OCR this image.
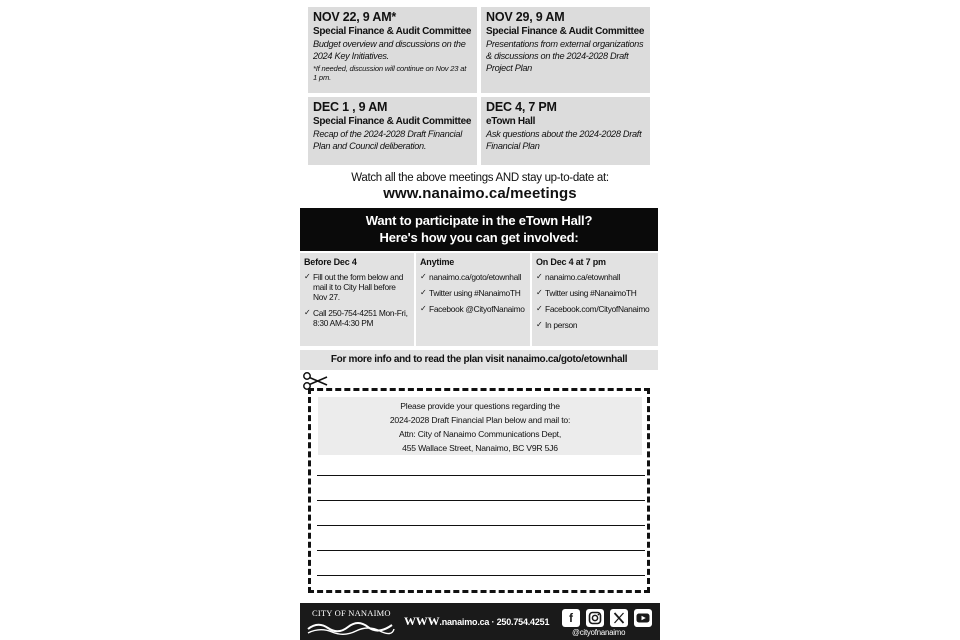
NOV 22, 9 AM*
Special Finance & Audit Committee
Budget overview and discussions on the 2024 Key Initiatives.
*If needed, discussion will continue on Nov 23 at 1 pm.
NOV 29, 9 AM
Special Finance & Audit Committee
Presentations from external organizations & discussions on the 2024-2028 Draft Project Plan
DEC 1 , 9 AM
Special Finance & Audit Committee
Recap of the 2024-2028 Draft Financial Plan and Council deliberation.
DEC 4, 7 PM
eTown Hall
Ask questions about the 2024-2028 Draft Financial Plan
Watch all the above meetings AND stay up-to-date at:
www.nanaimo.ca/meetings
Want to participate in the eTown Hall?
Here's how you can get involved:
Before Dec 4
✓ Fill out the form below and mail it to City Hall before Nov 27.
✓ Call 250-754-4251 Mon-Fri, 8:30 AM-4:30 PM
Anytime
✓ nanaimo.ca/goto/etownhall
✓ Twitter using #NanaimoTH
✓ Facebook @CityofNanaimo
On Dec 4 at 7 pm
✓ nanaimo.ca/etownhall
✓ Twitter using #NanaimoTH
✓ Facebook.com/CityofNanaimo
✓ In person
For more info and to read the plan visit nanaimo.ca/goto/etownhall
Please provide your questions regarding the
2024-2028 Draft Financial Plan below and mail to:
Attn: City of Nanaimo Communications Dept,
455 Wallace Street, Nanaimo, BC V9R 5J6
CITY OF NANAIMO
WWW.nanaimo.ca · 250.754.4251	f
@cityofnanaimo
